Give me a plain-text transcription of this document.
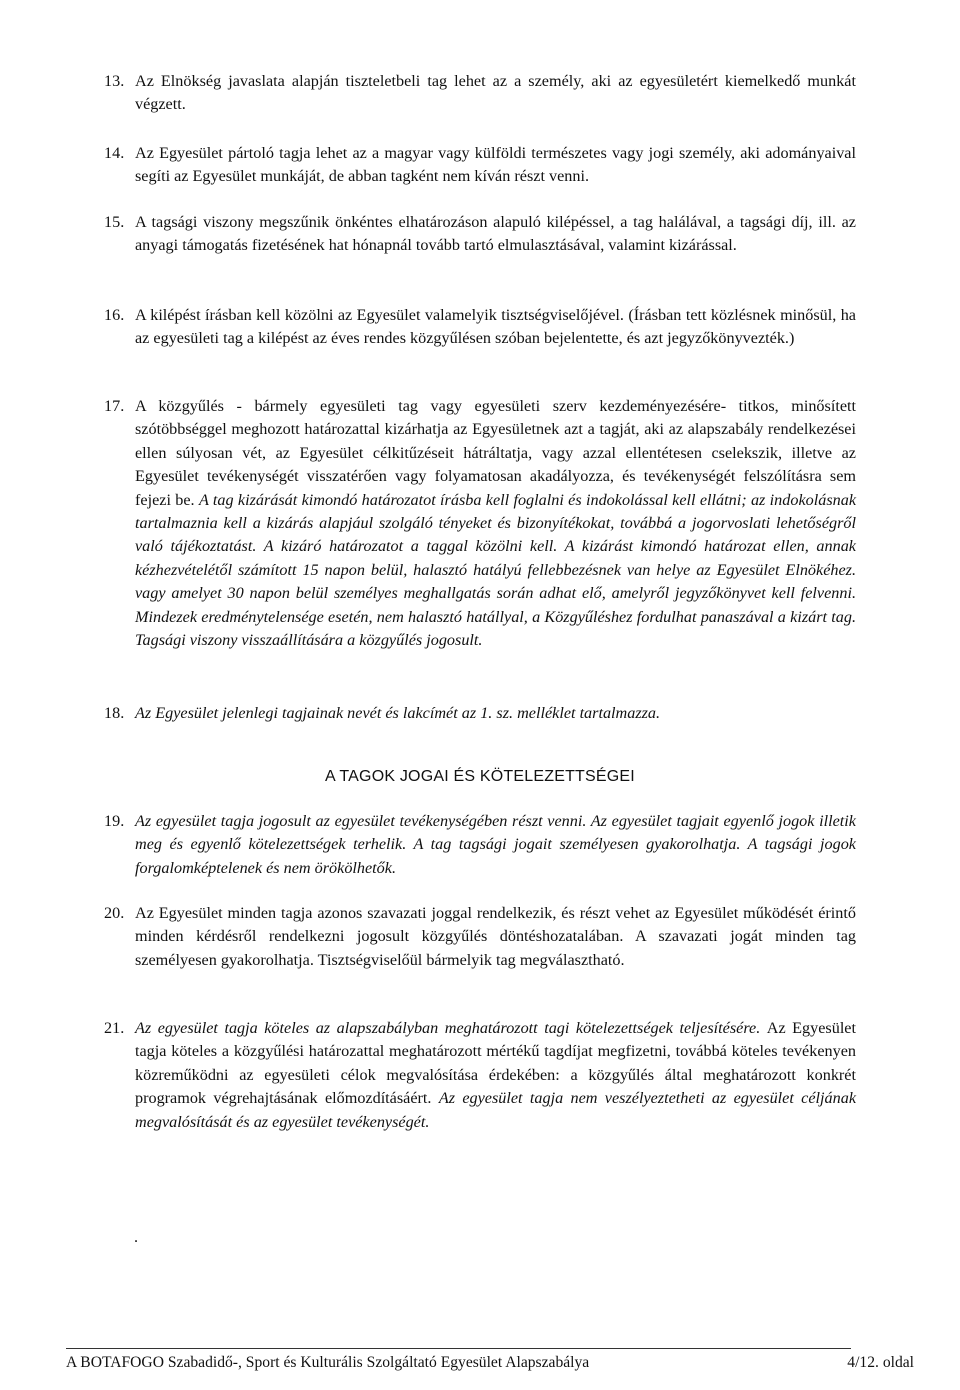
13. Az Elnökség javaslata alapján tiszteletbeli tag lehet az a személy, aki az egyesületért kiemelkedő munkát végzett.
14. Az Egyesület pártoló tagja lehet az a magyar vagy külföldi természetes vagy jogi személy, aki adományaival segíti az Egyesület munkáját, de abban tagként nem kíván részt venni.
15. A tagsági viszony megszűnik önkéntes elhatározáson alapuló kilépéssel, a tag halálával, a tagsági díj, ill. az anyagi támogatás fizetésének hat hónapnál tovább tartó elmulasztásával, valamint kizárással.
16. A kilépést írásban kell közölni az Egyesület valamelyik tisztségviselőjével. (Írásban tett közlésnek minősül, ha az egyesületi tag a kilépést az éves rendes közgyűlésen szóban bejelentette, és azt jegyzőkönyvezték.)
17. A közgyűlés - bármely egyesületi tag vagy egyesületi szerv kezdeményezésére- titkos, minősített szótöbbséggel meghozott határozattal kizárhatja az Egyesületnek azt a tagját, aki az alapszabály rendelkezései ellen súlyosan vét, az Egyesület célkitűzéseit hátráltatja, vagy azzal ellentétesen cselekszik, illetve az Egyesület tevékenységét visszatérően vagy folyamatosan akadályozza, és tevékenységét felszólításra sem fejezi be. A tag kizárását kimondó határozatot írásba kell foglalni és indokolással kell ellátni; az indokolásnak tartalmaznia kell a kizárás alapjául szolgáló tényeket és bizonyítékokat, továbbá a jogorvoslati lehetőségről való tájékoztatást. A kizáró határozatot a taggal közölni kell. A kizárást kimondó határozat ellen, annak kézhezvételétől számított 15 napon belül, halasztó hatályú fellebbezésnek van helye az Egyesület Elnökéhez. vagy amelyet 30 napon belül személyes meghallgatás során adhat elő, amelyről jegyzőkönyvet kell felvenni. Mindezek eredménytelensége esetén, nem halasztó hatállyal, a Közgyűléshez fordulhat panaszával a kizárt tag. Tagsági viszony visszaállítására a közgyűlés jogosult.
18. Az Egyesület jelenlegi tagjainak nevét és lakcímét az 1. sz. melléklet tartalmazza.
A TAGOK JOGAI ÉS KÖTELEZETTSÉGEI
19. Az egyesület tagja jogosult az egyesület tevékenységében részt venni. Az egyesület tagjait egyenlő jogok illetik meg és egyenlő kötelezettségek terhelik. A tag tagsági jogait személyesen gyakorolhatja. A tagsági jogok forgalomképtelenek és nem örökölhetők.
20. Az Egyesület minden tagja azonos szavazati joggal rendelkezik, és részt vehet az Egyesület működését érintő minden kérdésről rendelkezni jogosult közgyűlés döntéshozatalában. A szavazati jogát minden tag személyesen gyakorolhatja. Tisztségviselőül bármelyik tag megválasztható.
21. Az egyesület tagja köteles az alapszabályban meghatározott tagi kötelezettségek teljesítésére. Az Egyesület tagja köteles a közgyűlési határozattal meghatározott mértékű tagdíjat megfizetni, továbbá köteles tevékenyen közreműködni az egyesületi célok megvalósítása érdekében: a közgyűlés által meghatározott konkrét programok végrehajtásának előmozdításáért. Az egyesület tagja nem veszélyeztetheti az egyesület céljának megvalósítását és az egyesület tevékenységét.
.
A BOTAFOGO Szabadidő-, Sport és Kulturális Szolgáltató Egyesület Alapszabálya	4/12. oldal
